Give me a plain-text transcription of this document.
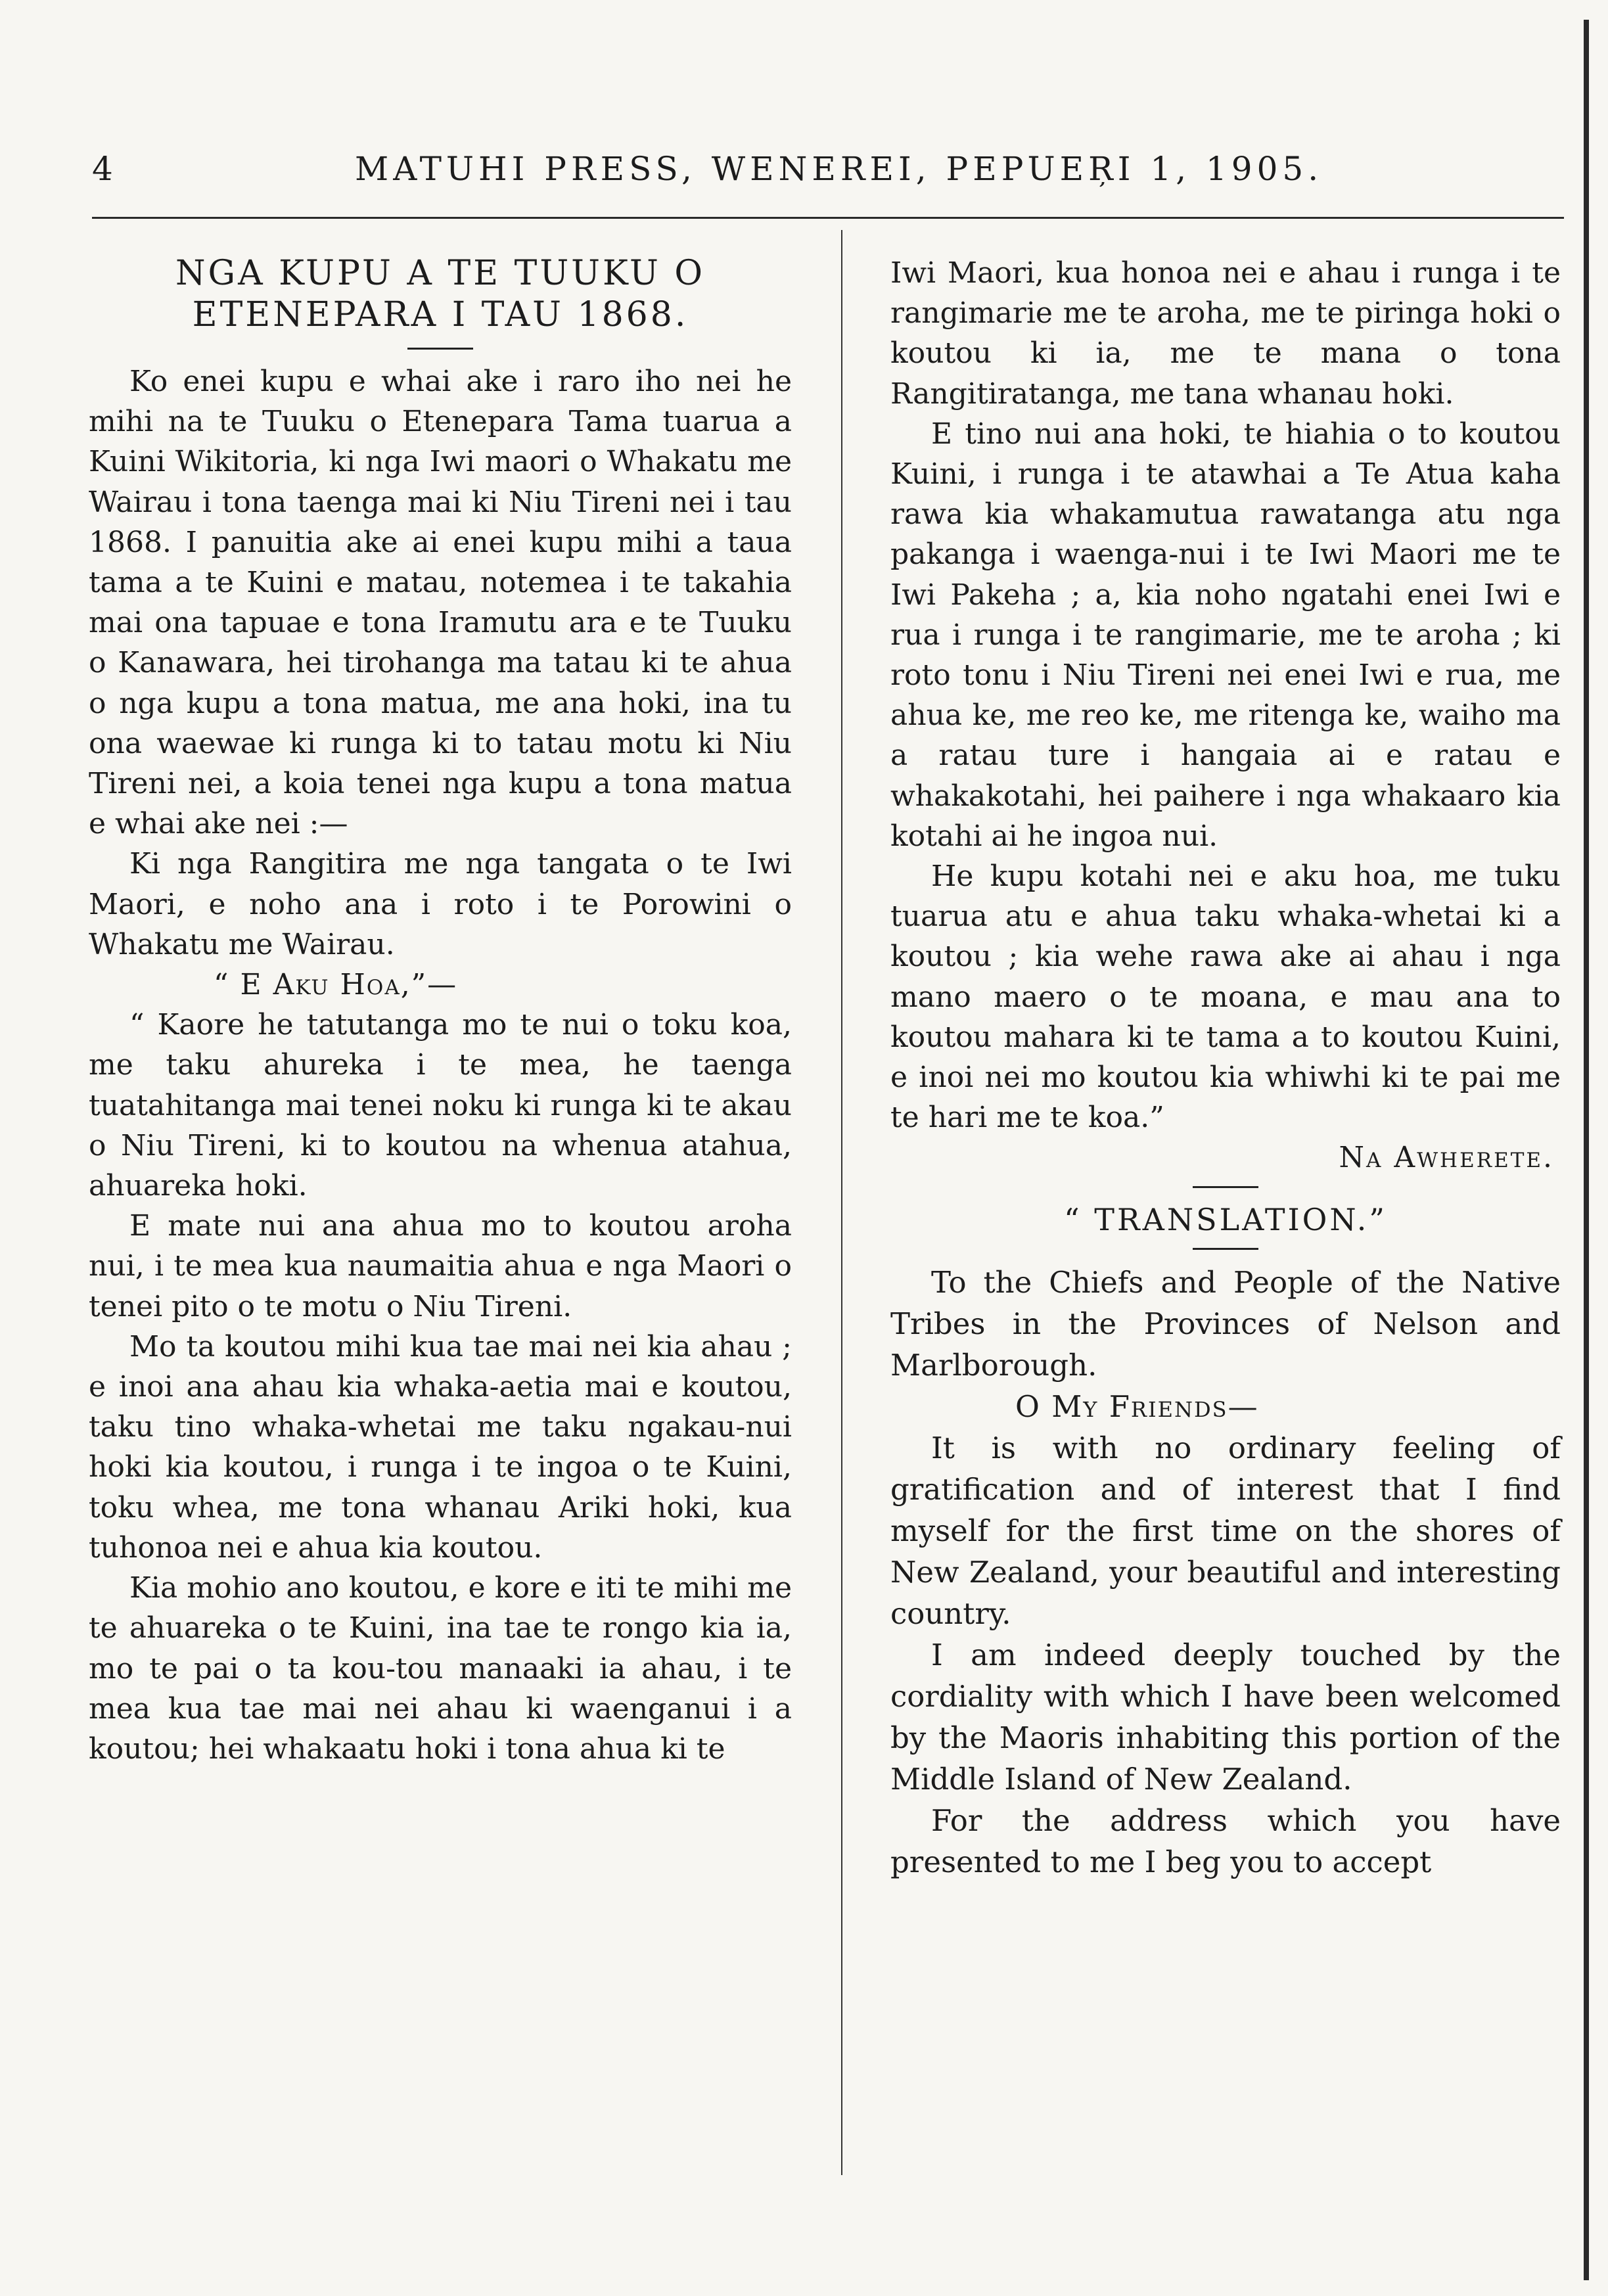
4	MATUHI PRESS, WENEREI, PEPUEŖI 1, 1905.
NGA KUPU A TE TUUKU O
ETENEPARA I TAU 1868.

Ko enei kupu e whai ake i raro iho nei he mihi na te Tuuku o Etenepara Tama tuarua a Kuini Wikitoria, ki nga Iwi maori o Whakatu me Wairau i tona taenga mai ki Niu Tireni nei i tau 1868. I panuitia ake ai enei kupu mihi a taua tama a te Kuini e matau, notemea i te takahia mai ona tapuae e tona Iramutu ara e te Tuuku o Kanawara, hei tirohanga ma tatau ki te ahua o nga kupu a tona matua, me ana hoki, ina tu ona waewae ki runga ki to tatau motu ki Niu Tireni nei, a koia tenei nga kupu a tona matua e whai ake nei :—

Ki nga Rangitira me nga tangata o te Iwi Maori, e noho ana i roto i te Porowini o Whakatu me Wairau.

“ E Aku Hoa,”—

“ Kaore he tatutanga mo te nui o toku koa, me taku ahureka i te mea, he taenga tuatahitanga mai tenei noku ki runga ki te akau o Niu Tireni, ki to koutou na whenua atahua, ahuareka hoki.

E mate nui ana ahua mo to koutou aroha nui, i te mea kua naumaitia ahua e nga Maori o tenei pito o te motu o Niu Tireni.

Mo ta koutou mihi kua tae mai nei kia ahau ; e inoi ana ahau kia whaka-aetia mai e koutou, taku tino whaka-whetai me taku ngakau-nui hoki kia koutou, i runga i te ingoa o te Kuini, toku whea, me tona whanau Ariki hoki, kua tuhonoa nei e ahua kia koutou.

Kia mohio ano koutou, e kore e iti te mihi me te ahuareka o te Kuini, ina tae te rongo kia ia, mo te pai o ta kou-tou manaaki ia ahau, i te mea kua tae mai nei ahau ki waenganui i a koutou; hei whakaatu hoki i tona ahua ki te

Iwi Maori, kua honoa nei e ahau i runga i te rangimarie me te aroha, me te piringa hoki o koutou ki ia, me te mana o tona Rangitiratanga, me tana whanau hoki.

E tino nui ana hoki, te hiahia o to koutou Kuini, i runga i te atawhai a Te Atua kaha rawa kia whakamutua rawatanga atu nga pakanga i waenga-nui i te Iwi Maori me te Iwi Pakeha ; a, kia noho ngatahi enei Iwi e rua i runga i te rangimarie, me te aroha ; ki roto tonu i Niu Tireni nei enei Iwi e rua, me ahua ke, me reo ke, me ritenga ke, waiho ma a ratau ture i hangaia ai e ratau e whakakotahi, hei paihere i nga whakaaro kia kotahi ai he ingoa nui.

He kupu kotahi nei e aku hoa, me tuku tuarua atu e ahua taku whaka-whetai ki a koutou ; kia wehe rawa ake ai ahau i nga mano maero o te moana, e mau ana to koutou mahara ki te tama a to koutou Kuini, e inoi nei mo koutou kia whiwhi ki te pai me te hari me te koa.”

Na Awherete.

“ TRANSLATION.”

To the Chiefs and People of the Native Tribes in the Provinces of Nelson and Marlborough.

O My Friends—

It is with no ordinary feeling of gratification and of interest that I find myself for the first time on the shores of New Zealand, your beautiful and interesting country.

I am indeed deeply touched by the cordiality with which I have been welcomed by the Maoris inhabiting this portion of the Middle Island of New Zealand.

For the address which you have presented to me I beg you to accept
